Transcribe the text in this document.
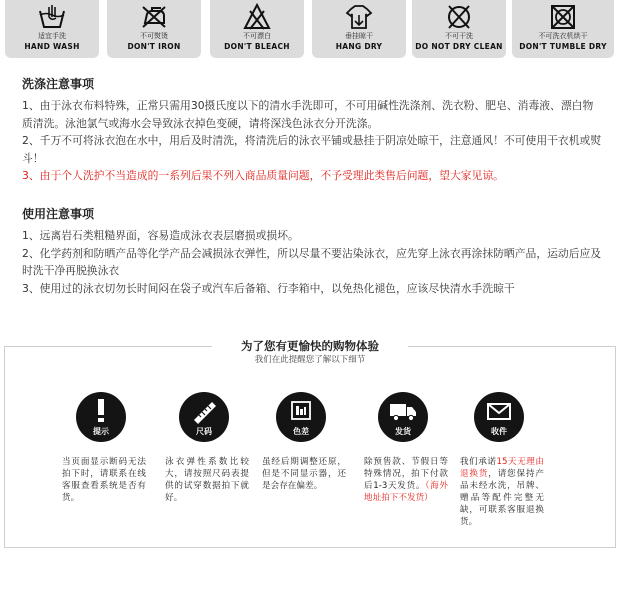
适宜手洗
HAND WASH
不可熨烫
DON'T IRON
不可漂白
DON'T BLEACH
垂挂晾干
HANG DRY
不可干洗
DO NOT DRY CLEAN
不可洗衣机烘干
DON'T TUMBLE DRY
洗涤注意事项
1、由于泳衣布料特殊，正常只需用30摄氏度以下的清水手洗即可，不可用碱性洗涤剂、洗衣粉、肥皂、消毒液、漂白物质清洗。泳池氯气或海水会导致泳衣掉色变硬，请将深浅色泳衣分开洗涤。
2、千万不可将泳衣泡在水中，用后及时清洗，将清洗后的泳衣平铺或悬挂于阴凉处晾干，注意通风！不可使用干衣机或熨斗！
3、由于个人洗护不当造成的一系列后果不列入商品质量问题，不予受理此类售后问题，望大家见谅。
使用注意事项
1、远离岩石类粗糙界面，容易造成泳衣表层磨损或损坏。
2、化学药剂和防晒产品等化学产品会减损泳衣弹性，所以尽量不要沾染泳衣，应先穿上泳衣再涂抹防晒产品，运动后应及时洗干净再脱换泳衣
3、使用过的泳衣切勿长时间闷在袋子或汽车后备箱、行李箱中，以免热化褪色，应该尽快清水手洗晾干
为了您有更愉快的购物体验
我们在此提醒您了解以下细节
提示
当页面显示断码无法拍下时，请联系在线客服查看系统是否有货。
尺码
泳衣弹性系数比较大，请按照尺码表提供的试穿数据拍下就好。
色差
虽经后期调整还原，但是不同显示器，还是会存在偏差。
发货
除预售款、节假日等特殊情况，拍下付款后1-3天发货。（海外地址拍下不发货）
收件
我们承诺15天无理由退换货，请您保持产品未经水洗，吊牌、赠品等配件完整无缺，可联系客服退换货。
